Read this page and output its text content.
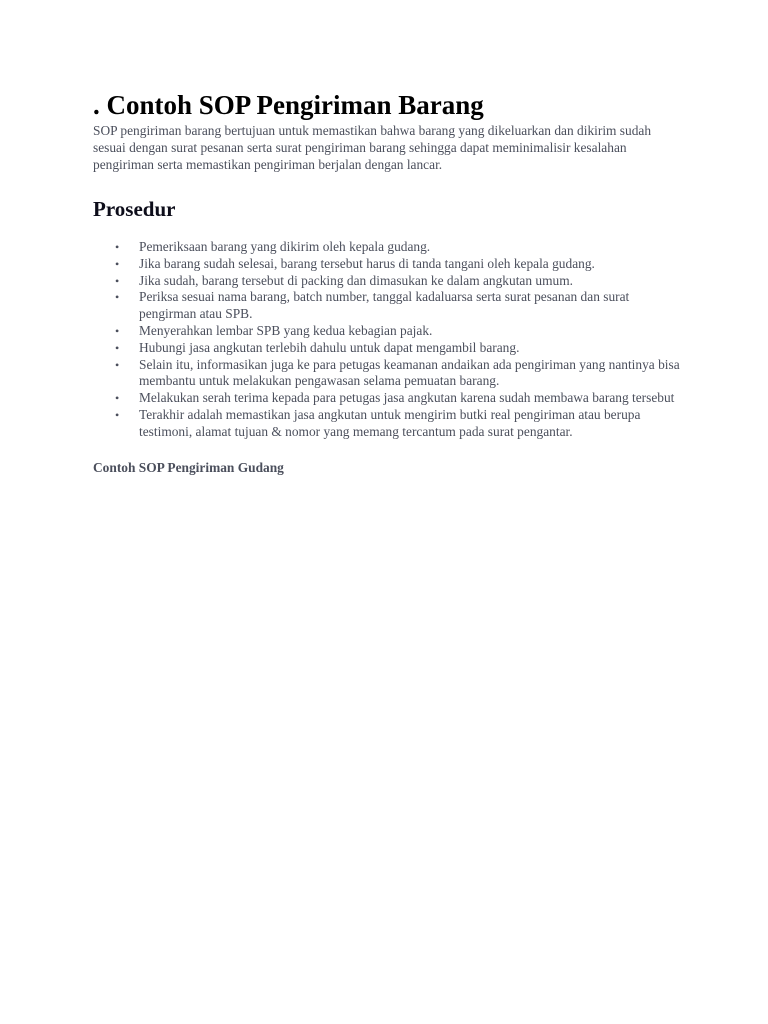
. Contoh SOP Pengiriman Barang

SOP pengiriman barang bertujuan untuk memastikan bahwa barang yang dikeluarkan dan dikirim sudah sesuai dengan surat pesanan serta surat pengiriman barang sehingga dapat meminimalisir kesalahan pengiriman serta memastikan pengiriman berjalan dengan lancar.

Prosedur
• Pemeriksaan barang yang dikirim oleh kepala gudang.
• Jika barang sudah selesai, barang tersebut harus di tanda tangani oleh kepala gudang.
• Jika sudah, barang tersebut di packing dan dimasukan ke dalam angkutan umum.
• Periksa sesuai nama barang, batch number, tanggal kadaluarsa serta surat pesanan dan surat pengirman atau SPB.
• Menyerahkan lembar SPB yang kedua kebagian pajak.
• Hubungi jasa angkutan terlebih dahulu untuk dapat mengambil barang.
• Selain itu, informasikan juga ke para petugas keamanan andaikan ada pengiriman yang nantinya bisa membantu untuk melakukan pengawasan selama pemuatan barang.
• Melakukan serah terima kepada para petugas jasa angkutan karena sudah membawa barang tersebut
• Terakhir adalah memastikan jasa angkutan untuk mengirim butki real pengiriman atau berupa testimoni, alamat tujuan & nomor yang memang tercantum pada surat pengantar.

Contoh SOP Pengiriman Gudang
